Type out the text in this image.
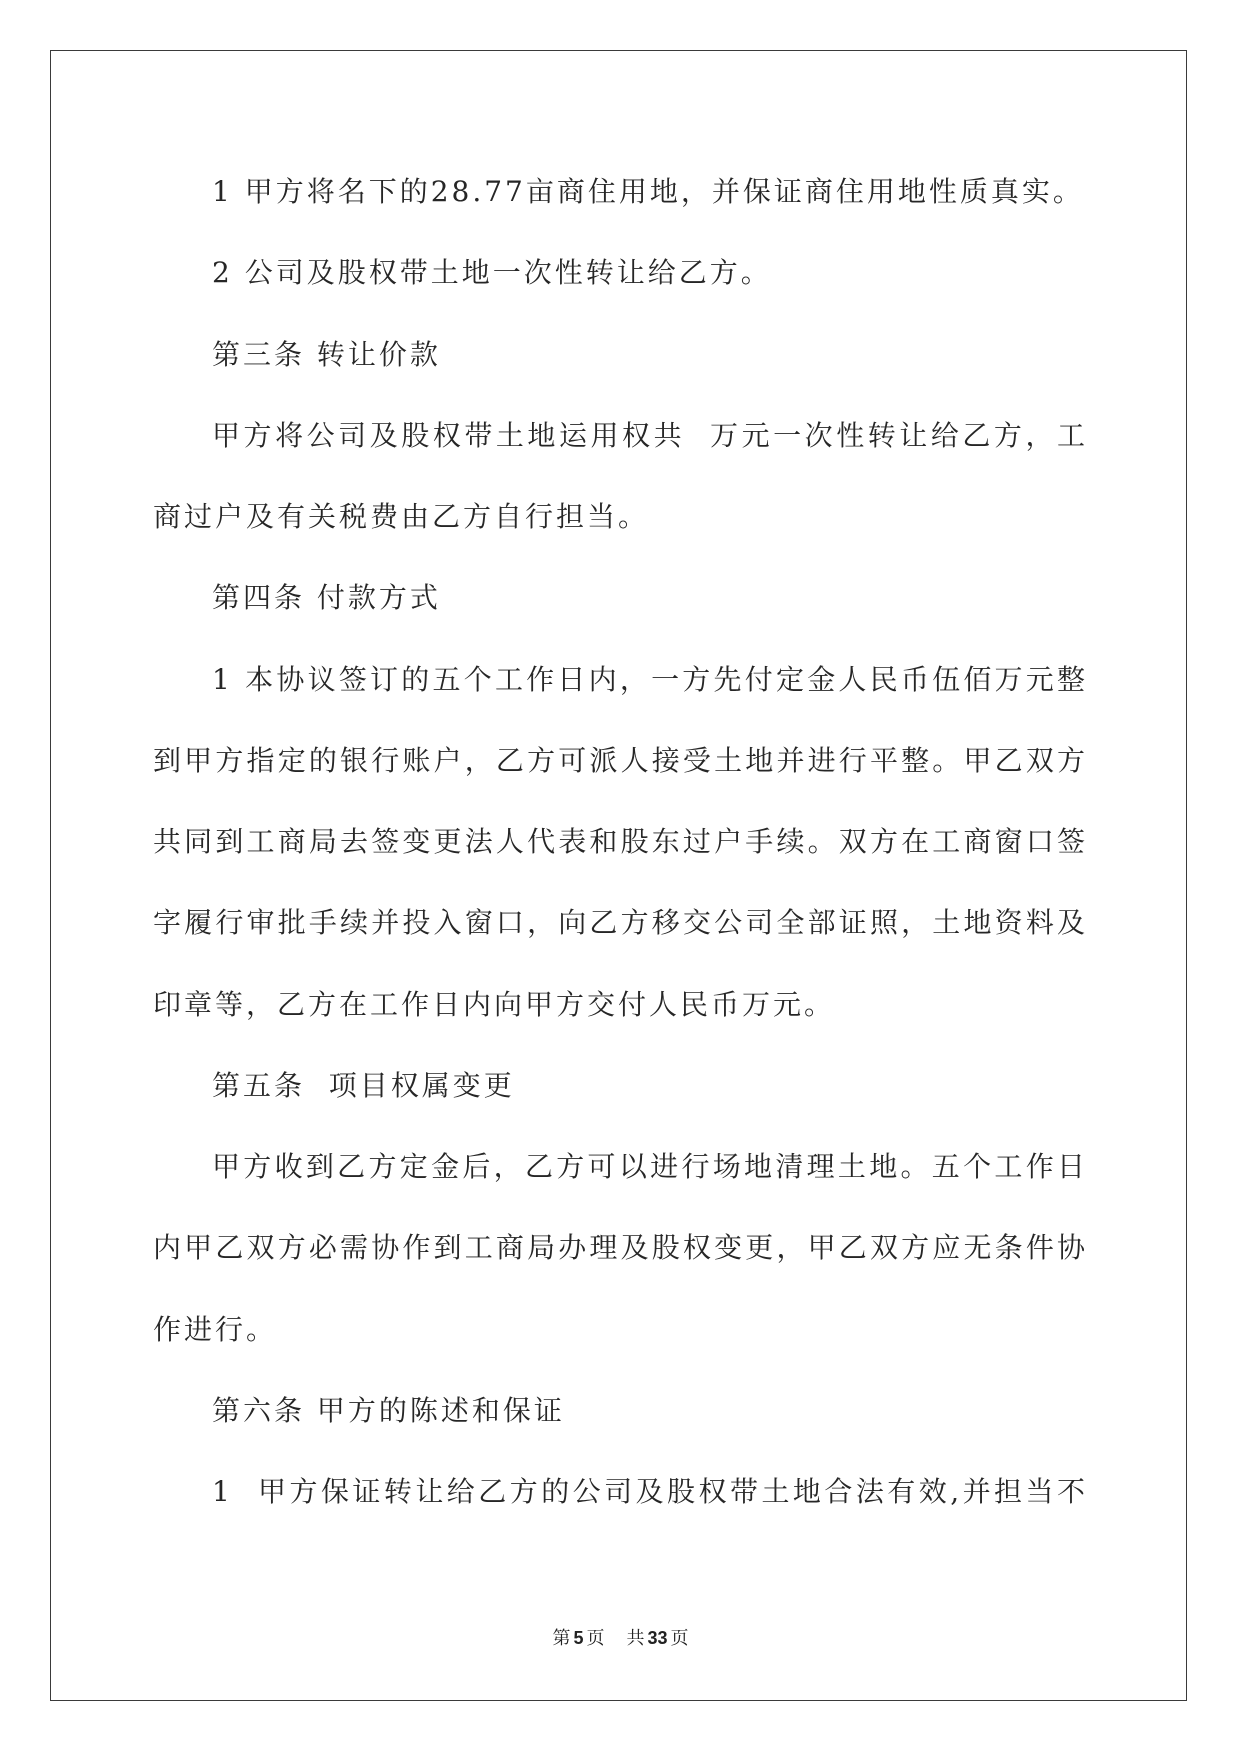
1 甲方将名下的28.77亩商住用地，并保证商住用地性质真实。
2 公司及股权带土地一次性转让给乙方。
第三条 转让价款
甲方将公司及股权带土地运用权共  万元一次性转让给乙方，工
商过户及有关税费由乙方自行担当。
第四条 付款方式
1 本协议签订的五个工作日内，一方先付定金人民币伍佰万元整
到甲方指定的银行账户，乙方可派人接受土地并进行平整。甲乙双方
共同到工商局去签变更法人代表和股东过户手续。双方在工商窗口签
字履行审批手续并投入窗口，向乙方移交公司全部证照，土地资料及
印章等，乙方在工作日内向甲方交付人民币万元。
第五条  项目权属变更
甲方收到乙方定金后，乙方可以进行场地清理土地。五个工作日
内甲乙双方必需协作到工商局办理及股权变更，甲乙双方应无条件协
作进行。
第六条 甲方的陈述和保证
1  甲方保证转让给乙方的公司及股权带土地合法有效,并担当不
第 5 页 共 33 页
